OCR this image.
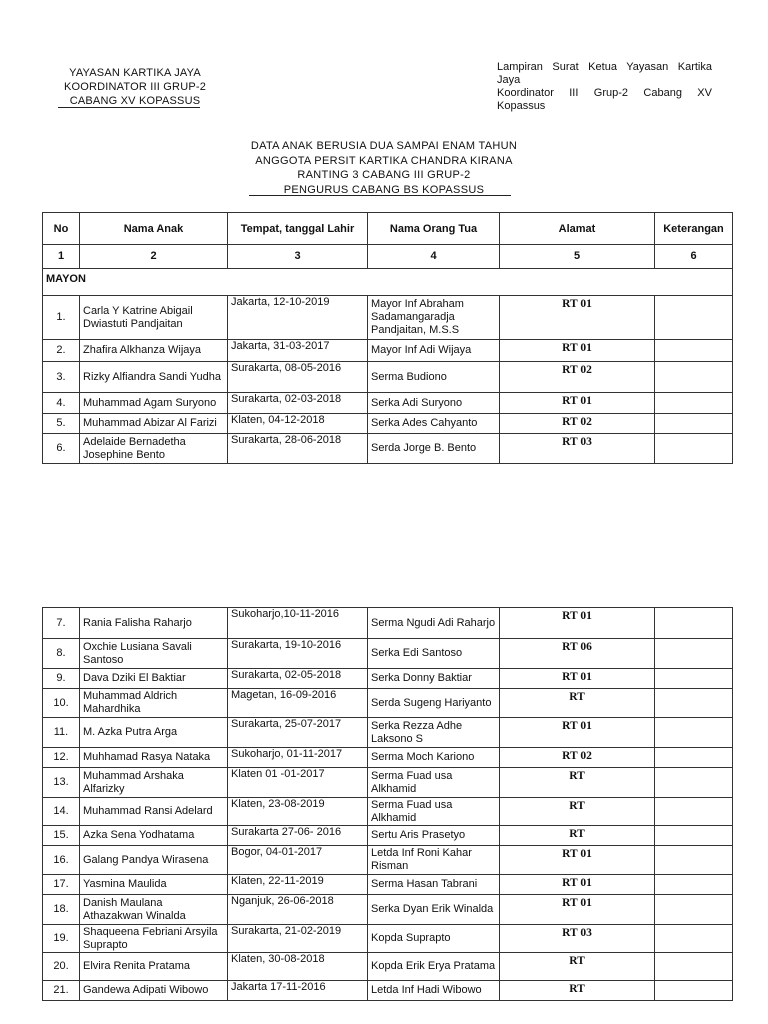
YAYASAN KARTIKA JAYA
KOORDINATOR III GRUP-2
CABANG XV KOPASSUS
Lampiran Surat Ketua Yayasan Kartika
Jaya
Koordinator III Grup-2 Cabang XV
Kopassus
DATA ANAK BERUSIA DUA SAMPAI ENAM TAHUN
ANGGOTA PERSIT KARTIKA CHANDRA KIRANA
RANTING 3 CABANG III GRUP-2
PENGURUS CABANG BS KOPASSUS
No	Nama Anak	Tempat, tanggal Lahir	Nama Orang Tua	Alamat	Keterangan
1	2	3	4	5	6
MAYON					
1.	Carla Y Katrine Abigail Dwiastuti Pandjaitan	Jakarta, 12-10-2019	Mayor Inf Abraham Sadamangaradja Pandjaitan, M.S.S	RT 01	
2.	Zhafira Alkhanza Wijaya	Jakarta, 31-03-2017	Mayor Inf Adi Wijaya	RT 01	
3.	Rizky Alfiandra Sandi Yudha	Surakarta, 08-05-2016	Serma Budiono	RT 02	
4.	Muhammad Agam Suryono	Surakarta, 02-03-2018	Serka Adi Suryono	RT 01	
5.	Muhammad Abizar Al Farizi	Klaten, 04-12-2018	Serka Ades Cahyanto	RT 02	
6.	Adelaide Bernadetha Josephine Bento	Surakarta, 28-06-2018	Serda Jorge B. Bento	RT 03	
7.	Rania Falisha Raharjo	Sukoharjo,10-11-2016	Serma Ngudi Adi Raharjo	RT 01	
8.	Oxchie Lusiana Savali Santoso	Surakarta, 19-10-2016	Serka Edi Santoso	RT 06	
9.	Dava Dziki El Baktiar	Surakarta, 02-05-2018	Serka Donny Baktiar	RT 01	
10.	Muhammad Aldrich Mahardhika	Magetan, 16-09-2016	Serda Sugeng Hariyanto	RT	
11.	M. Azka Putra Arga	Surakarta, 25-07-2017	Serka Rezza Adhe Laksono S	RT 01	
12.	Muhhamad Rasya Nataka	Sukoharjo, 01-11-2017	Serma Moch Kariono	RT 02	
13.	Muhammad Arshaka Alfarizky	Klaten 01 -01-2017	Serma Fuad usa Alkhamid	RT	
14.	Muhammad Ransi Adelard	Klaten, 23-08-2019	Serma Fuad usa Alkhamid	RT	
15.	Azka Sena Yodhatama	Surakarta 27-06- 2016	Sertu Aris Prasetyo	RT	
16.	Galang Pandya Wirasena	Bogor, 04-01-2017	Letda Inf Roni Kahar Risman	RT 01	
17.	Yasmina Maulida	Klaten, 22-11-2019	Serma Hasan Tabrani	RT 01	
18.	Danish Maulana Athazakwan Winalda	Nganjuk, 26-06-2018	Serka Dyan Erik Winalda	RT 01	
19.	Shaqueena Febriani Arsyila Suprapto	Surakarta, 21-02-2019	Kopda Suprapto	RT 03	
20.	Elvira Renita Pratama	Klaten, 30-08-2018	Kopda Erik Erya Pratama	RT	
21.	Gandewa Adipati Wibowo	Jakarta 17-11-2016	Letda Inf Hadi Wibowo	RT	
